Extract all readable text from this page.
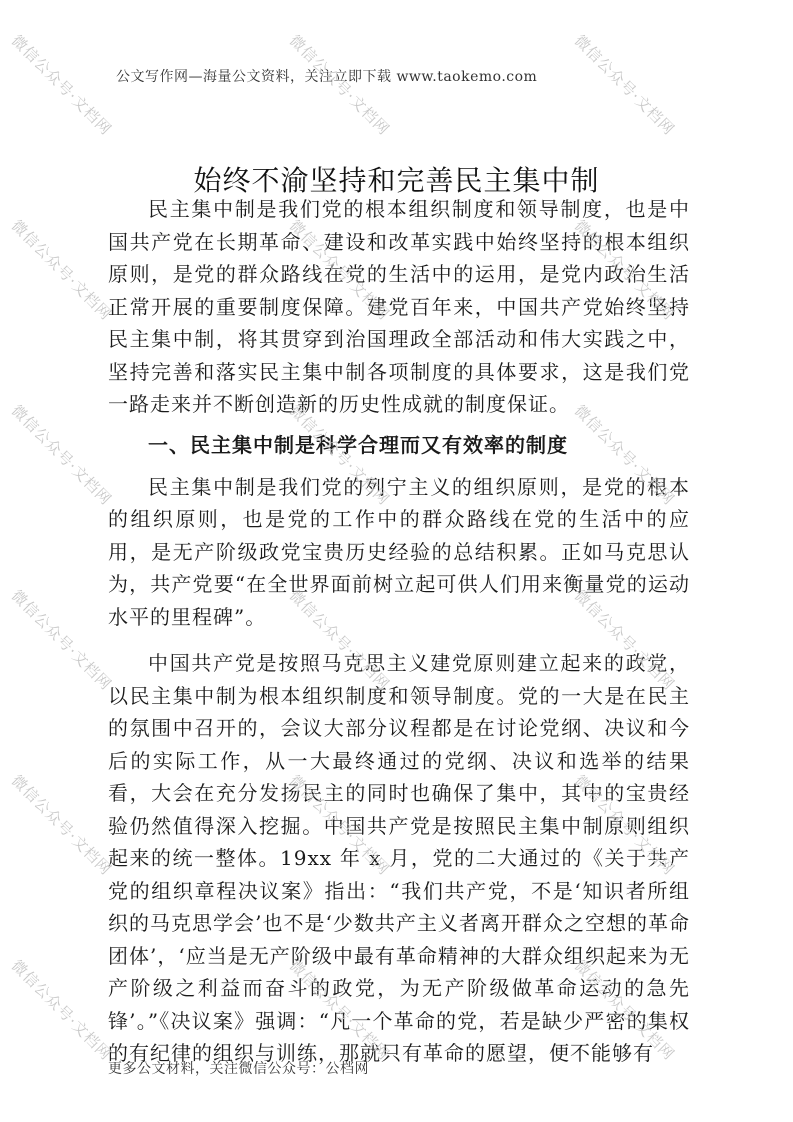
公文写作网—海量公文资料，关注立即下载 www.taokemo.com
始终不渝坚持和完善民主集中制

民主集中制是我们党的根本组织制度和领导制度，也是中国共产党在长期革命、建设和改革实践中始终坚持的根本组织原则，是党的群众路线在党的生活中的运用，是党内政治生活正常开展的重要制度保障。建党百年来，中国共产党始终坚持民主集中制，将其贯穿到治国理政全部活动和伟大实践之中，坚持完善和落实民主集中制各项制度的具体要求，这是我们党一路走来并不断创造新的历史性成就的制度保证。

一、民主集中制是科学合理而又有效率的制度

民主集中制是我们党的列宁主义的组织原则，是党的根本的组织原则，也是党的工作中的群众路线在党的生活中的应用，是无产阶级政党宝贵历史经验的总结积累。正如马克思认为，共产党要“在全世界面前树立起可供人们用来衡量党的运动水平的里程碑”。

中国共产党是按照马克思主义建党原则建立起来的政党，以民主集中制为根本组织制度和领导制度。党的一大是在民主的氛围中召开的，会议大部分议程都是在讨论党纲、决议和今后的实际工作，从一大最终通过的党纲、决议和选举的结果看，大会在充分发扬民主的同时也确保了集中，其中的宝贵经验仍然值得深入挖掘。中国共产党是按照民主集中制原则组织起来的统一整体。19xx 年 x 月，党的二大通过的《关于共产党的组织章程决议案》指出：“我们共产党，不是‘知识者所组织的马克思学会’也不是‘少数共产主义者离开群众之空想的革命团体’，‘应当是无产阶级中最有革命精神的大群众组织起来为无产阶级之利益而奋斗的政党，为无产阶级做革命运动的急先锋’。”《决议案》强调：“凡一个革命的党，若是缺少严密的集权的有纪律的组织与训练，那就只有革命的愿望，便不能够有

更多公文材料，关注微信公众号：公档网
微信公众号·文档网	微信公众号·文档网	微信公众号·文档网
微信公众号·文档网	微信公众号·文档网	微信公众号·文档网
微信公众号·文档网	微信公众号·文档网	微信公众号·文档网
微信公众号·文档网	微信公众号·文档网	微信公众号·文档网
微信公众号·文档网	微信公众号·文档网	微信公众号·文档网
微信公众号·文档网	微信公众号·文档网	微信公众号·文档网
